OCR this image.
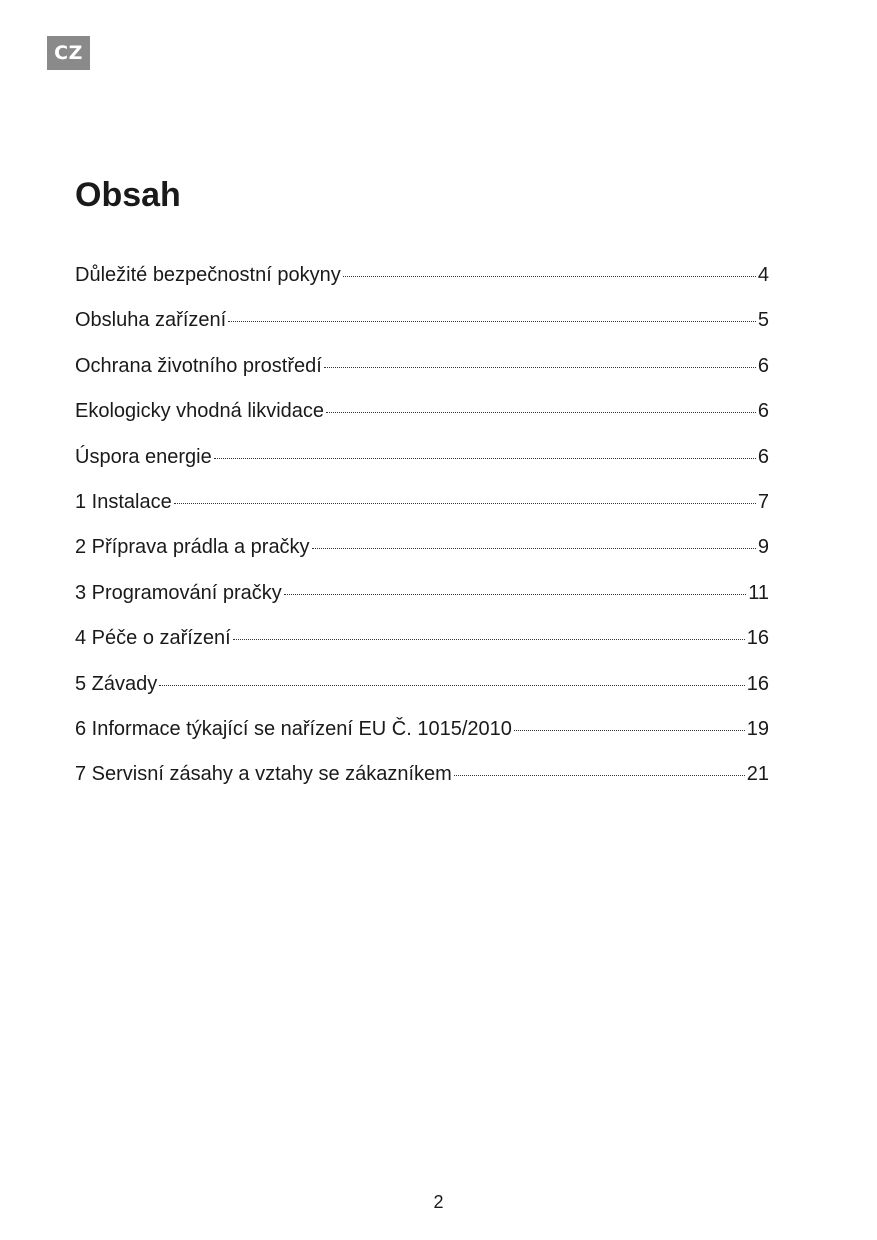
CZ
Obsah
Důležité bezpečnostní pokyny	4
Obsluha zařízení	5
Ochrana životního prostředí	6
Ekologicky vhodná likvidace	6
Úspora energie	6
1 Instalace	7
2 Příprava prádla a pračky	9
3 Programování pračky	11
4 Péče o zařízení	16
5 Závady	16
6 Informace týkající se nařízení EU Č. 1015/2010	19
7 Servisní zásahy a vztahy se zákazníkem	21
2
